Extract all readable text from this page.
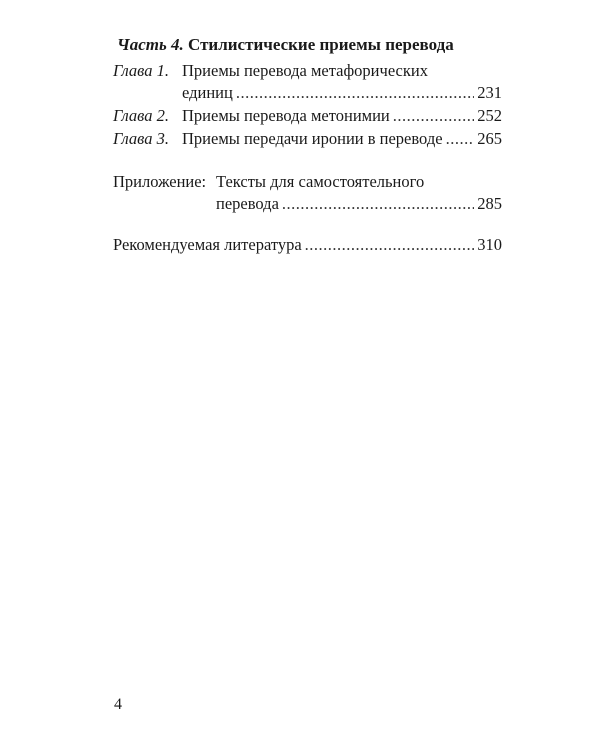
Часть 4. Стилистические приемы перевода
Глава 1. Приемы перевода метафорических
единиц .....	231
Глава 2. Приемы перевода метонимии .....	252
Глава 3. Приемы передачи иронии в переводе ..... 265
Приложение: Тексты для самостоятельного
перевода .....	285
Рекомендуемая литература .....	310
4
